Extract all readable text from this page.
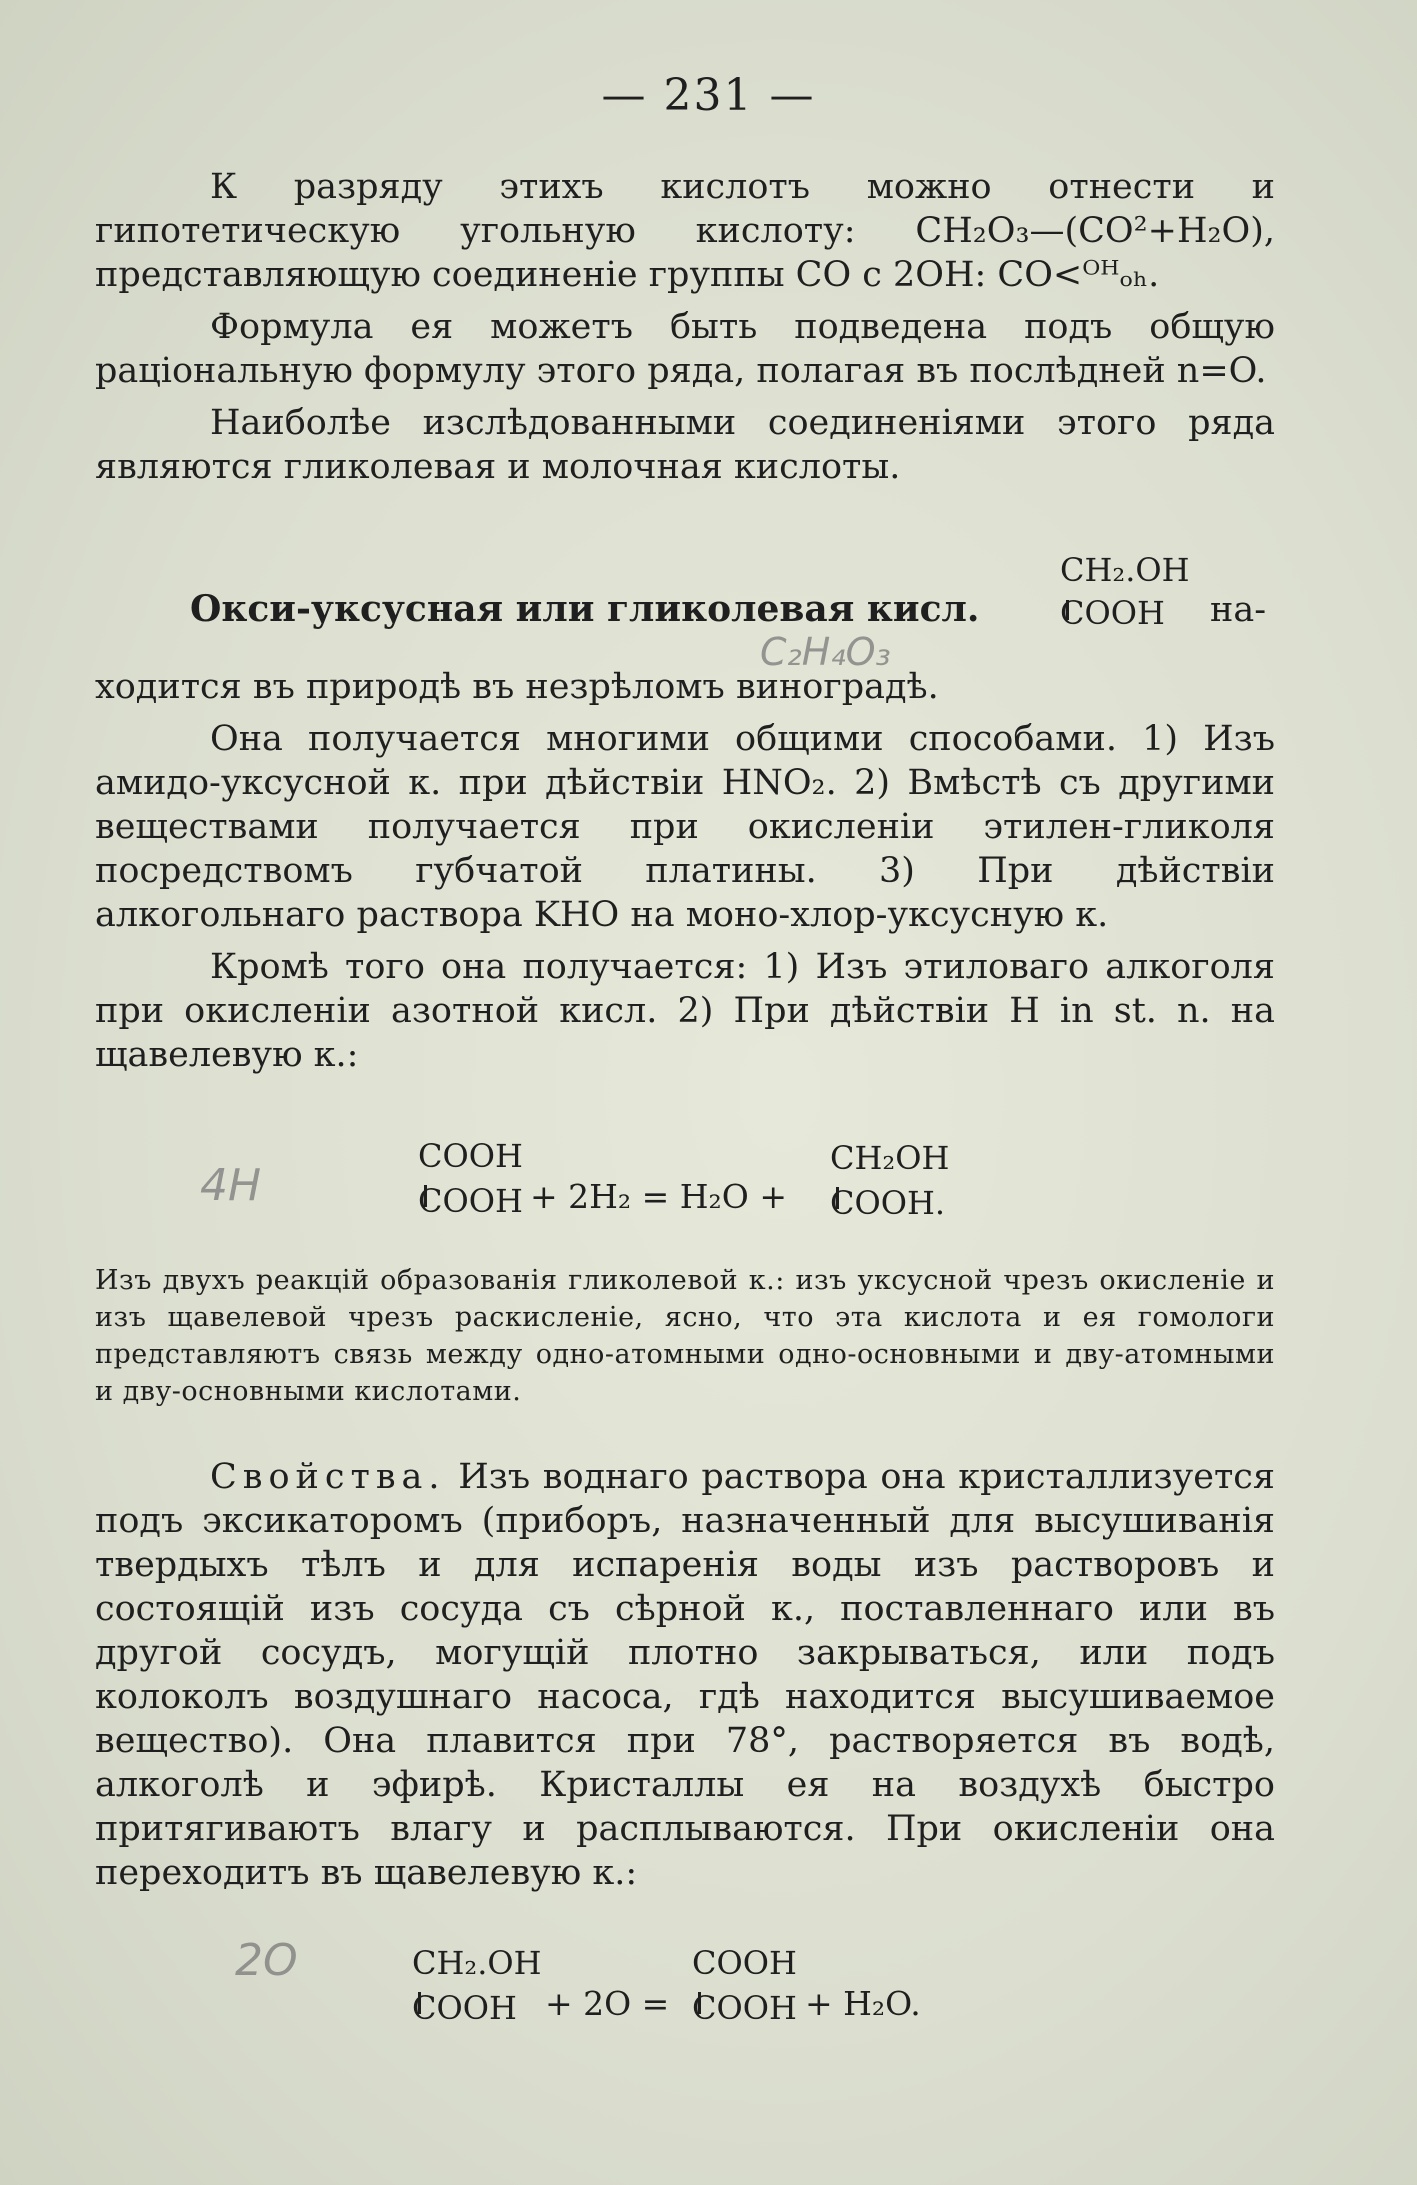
— 231 —

К разряду этихъ кислотъ можно отнести и гипотетическую угольную кислоту: CH₂O₃—(CO²+H₂O), представляющую соединеніе группы CO с 2OH: CO<ᴼᴴₒₕ.

Формула ея можетъ быть подведена подъ общую раціональную формулу этого ряда, полагая въ послѣдней n=O.

Наиболѣе изслѣдованными соединеніями этого ряда являются гликолевая и молочная кислоты.

Окси-уксусная или гликолевая кисл.
CH₂.OH
COOH	на-

ходится въ природѣ въ незрѣломъ виноградѣ.

Она получается многими общими способами. 1) Изъ амидо-уксусной к. при дѣйствіи HNO₂. 2) Вмѣстѣ съ другими веществами получается при окисленіи этилен-гликоля посредствомъ губчатой платины. 3) При дѣйствіи алкогольнаго раствора KHO на моно-хлор-уксусную к.

Кромѣ того она получается: 1) Изъ этиловаго алкоголя при окисленіи азотной кисл. 2) При дѣйствіи H in st. n. на щавелевую к.:

COOH
COOH + 2H₂ = H₂O +
CH₂OH
COOH.
Изъ двухъ реакцій образованія гликолевой к.: изъ уксусной чрезъ окисленіе и изъ щавелевой чрезъ раскисленіе, ясно, что эта кислота и ея гомологи представляютъ связь между одно-атомными одно-основными и дву-атомными и дву-основными кислотами.

Свойства. Изъ воднаго раствора она кристаллизуется подъ эксикаторомъ (приборъ, назначенный для высушиванія твердыхъ тѣлъ и для испаренія воды изъ растворовъ и состоящій изъ сосуда съ сѣрной к., поставленнаго или въ другой сосудъ, могущій плотно закрываться, или подъ колоколъ воздушнаго насоса, гдѣ находится высушиваемое вещество). Она плавится при 78°, растворяется въ водѣ, алкоголѣ и эфирѣ. Кристаллы ея на воздухѣ быстро притягиваютъ влагу и расплываются. При окисленіи она переходитъ въ щавелевую к.:

CH₂.OH
COOH + 2O =
COOH
COOH + H₂O.
C₂H₄O₃
4H
2O
